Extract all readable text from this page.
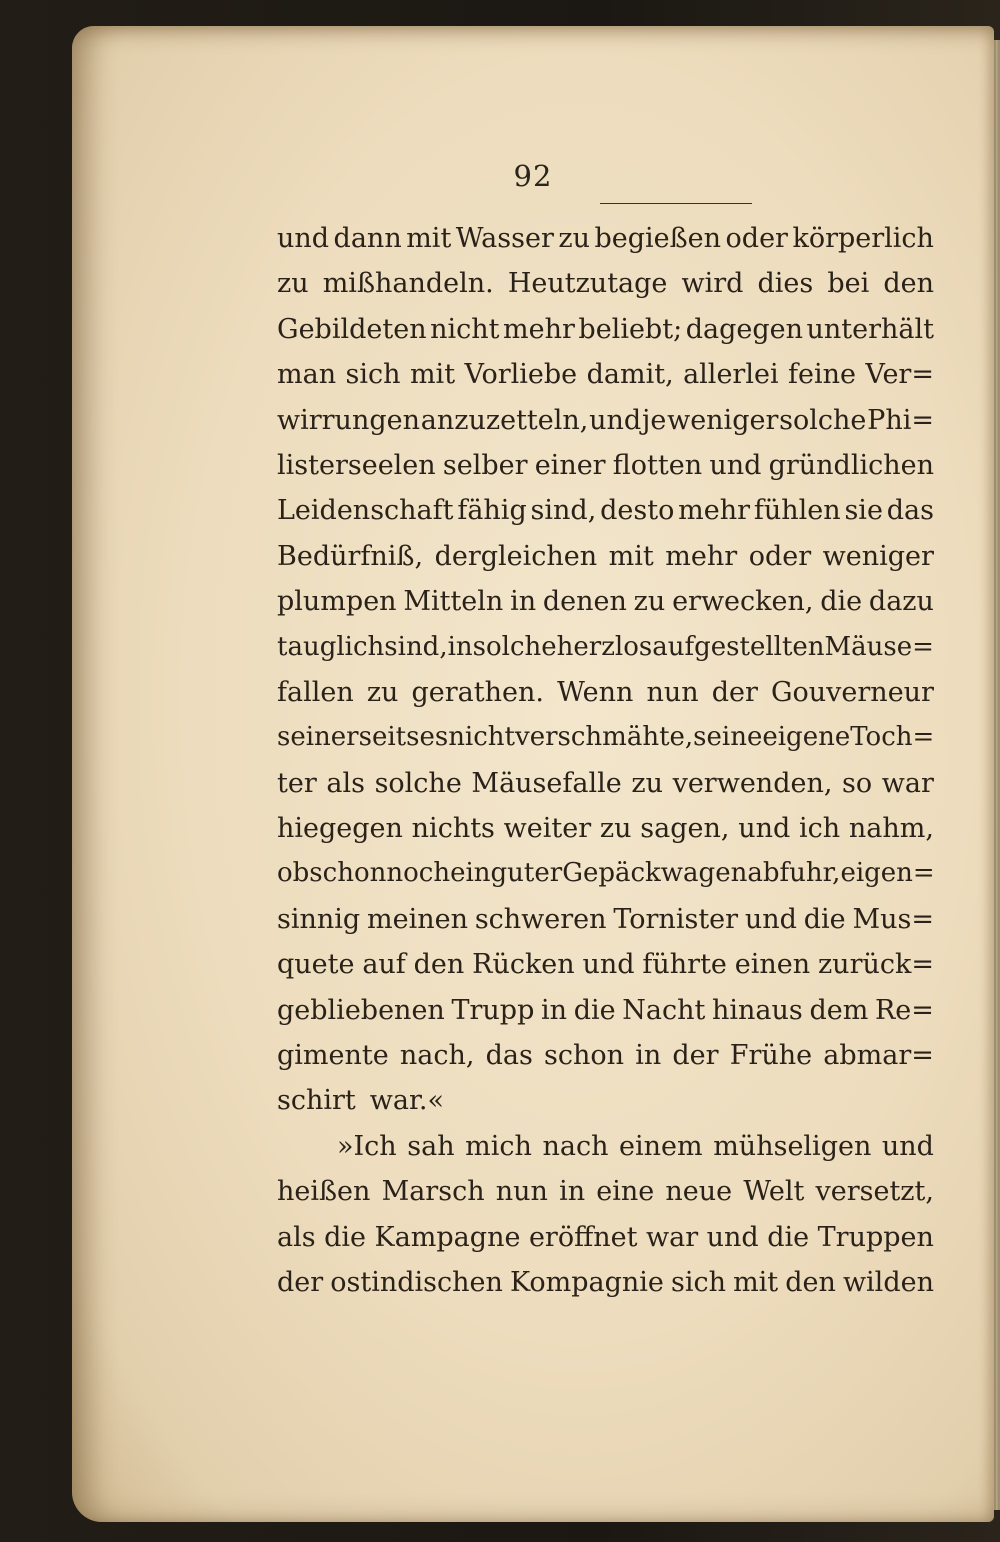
92
und dann mit Wasser zu begießen oder körperlich
zu mißhandeln. Heutzutage wird dies bei den
Gebildeten nicht mehr beliebt; dagegen unterhält
man sich mit Vorliebe damit, allerlei feine Ver=
wirrungen anzuzetteln, und je weniger solche Phi=
listerseelen selber einer flotten und gründlichen
Leidenschaft fähig sind, desto mehr fühlen sie das
Bedürfniß, dergleichen mit mehr oder weniger
plumpen Mitteln in denen zu erwecken, die dazu
tauglich sind, in solche herzlos aufgestellten Mäuse=
fallen zu gerathen. Wenn nun der Gouverneur
seinerseits es nicht verschmähte, seine eigene Toch=
ter als solche Mäusefalle zu verwenden, so war
hiegegen nichts weiter zu sagen, und ich nahm,
obschon noch ein guter Gepäckwagen abfuhr, eigen=
sinnig meinen schweren Tornister und die Mus=
quete auf den Rücken und führte einen zurück=
gebliebenen Trupp in die Nacht hinaus dem Re=
gimente nach, das schon in der Frühe abmar=
schirt war.«
»Ich sah mich nach einem mühseligen und
heißen Marsch nun in eine neue Welt versetzt,
als die Kampagne eröffnet war und die Truppen
der ostindischen Kompagnie sich mit den wilden
